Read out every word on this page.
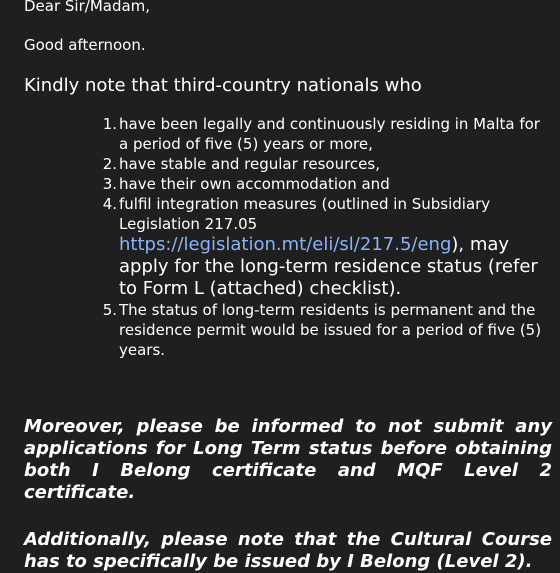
Dear Sir/Madam,
Good afternoon.
Kindly note that third-country nationals who
1. have been legally and continuously residing in Malta for a period of five (5) years or more,
2. have stable and regular resources,
3. have their own accommodation and
4. fulfil integration measures (outlined in Subsidiary Legislation 217.05 https://legislation.mt/eli/sl/217.5/eng), may apply for the long-term residence status (refer to Form L (attached) checklist).
5. The status of long-term residents is permanent and the residence permit would be issued for a period of five (5) years.
Moreover, please be informed to not submit any applications for Long Term status before obtaining both I Belong certificate and MQF Level 2 certificate.
Additionally, please note that the Cultural Course has to specifically be issued by I Belong (Level 2).
